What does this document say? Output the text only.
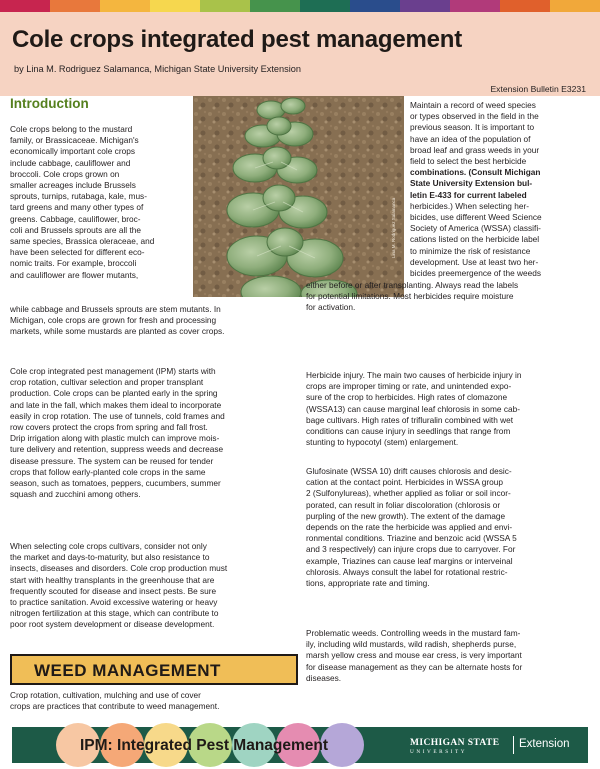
Cole crops integrated pest management
by Lina M. Rodriguez Salamanca, Michigan State University Extension
Extension Bulletin E3231
Introduction
Cole crops belong to the mustard
family, or Brassicaceae. Michigan's
economically important cole crops
include cabbage, cauliflower and
broccoli. Cole crops grown on
smaller acreages include Brussels
sprouts, turnips, rutabaga, kale, mus-
tard greens and many other types of
greens. Cabbage, cauliflower, broc-
coli and Brussels sprouts are all the
same species, Brassica oleraceae, and
have been selected for different eco-
nomic traits. For example, broccoli
and cauliflower are flower mutants,
while cabbage and Brussels sprouts are stem mutants. In
Michigan, cole crops are grown for fresh and processing
markets, while some mustards are planted as cover crops.
Lina M. Rodriguez Salamanca
Cole crop integrated pest management (IPM) starts with
crop rotation, cultivar selection and proper transplant
production. Cole crops can be planted early in the spring
and late in the fall, which makes them ideal to incorporate
easily in crop rotation. The use of tunnels, cold frames and
row covers protect the crops from spring and fall frost.
Drip irrigation along with plastic mulch can improve mois-
ture delivery and retention, suppress weeds and decrease
disease pressure. The system can be reused for tender
crops that follow early-planted cole crops in the same
season, such as tomatoes, peppers, cucumbers, summer
squash and zucchini among others.
When selecting cole crops cultivars, consider not only
the market and days-to-maturity, but also resistance to
insects, diseases and disorders. Cole crop production must
start with healthy transplants in the greenhouse that are
frequently scouted for disease and insect pests. Be sure
to practice sanitation. Avoid excessive watering or heavy
nitrogen fertilization at this stage, which can contribute to
poor root system development or disease development.
WEED MANAGEMENT
Crop rotation, cultivation, mulching and use of cover
crops are practices that contribute to weed management.
Maintain a record of weed species
or types observed in the field in the
previous season. It is important to
have an idea of the population of
broad leaf and grass weeds in your
field to select the best herbicide
combinations. (Consult Michigan
State University Extension bul-
letin E-433 for current labeled
herbicides.) When selecting her-
bicides, use different Weed Science
Society of America (WSSA) classifi-
cations listed on the herbicide label
to minimize the risk of resistance
development. Use at least two her-
bicides preemergence of the weeds
either before or after transplanting. Always read the labels
for potential limitations. Most herbicides require moisture
for activation.
Herbicide injury. The main two causes of herbicide injury in
crops are improper timing or rate, and unintended expo-
sure of the crop to herbicides. High rates of clomazone
(WSSA13) can cause marginal leaf chlorosis in some cab-
bage cultivars. High rates of trifluralin combined with wet
conditions can cause injury in seedlings that range from
stunting to hypocotyl (stem) enlargement.
Glufosinate (WSSA 10) drift causes chlorosis and desic-
cation at the contact point. Herbicides in WSSA group
2 (Sulfonylureas), whether applied as foliar or soil incor-
porated, can result in foliar discoloration (chlorosis or
purpling of the new growth). The extent of the damage
depends on the rate the herbicide was applied and envi-
ronmental conditions. Triazine and benzoic acid (WSSA 5
and 3 respectively) can injure crops due to carryover. For
example, Triazines can cause leaf margins or interveinal
chlorosis. Always consult the label for rotational restric-
tions, appropriate rate and timing.
Problematic weeds. Controlling weeds in the mustard fam-
ily, including wild mustards, wild radish, shepherds purse,
marsh yellow cress and mouse ear cress, is very important
for disease management as they can be alternate hosts for
diseases.
IPM: Integrated Pest Management	MICHIGAN STATE
UNIVERSITY
Extension
